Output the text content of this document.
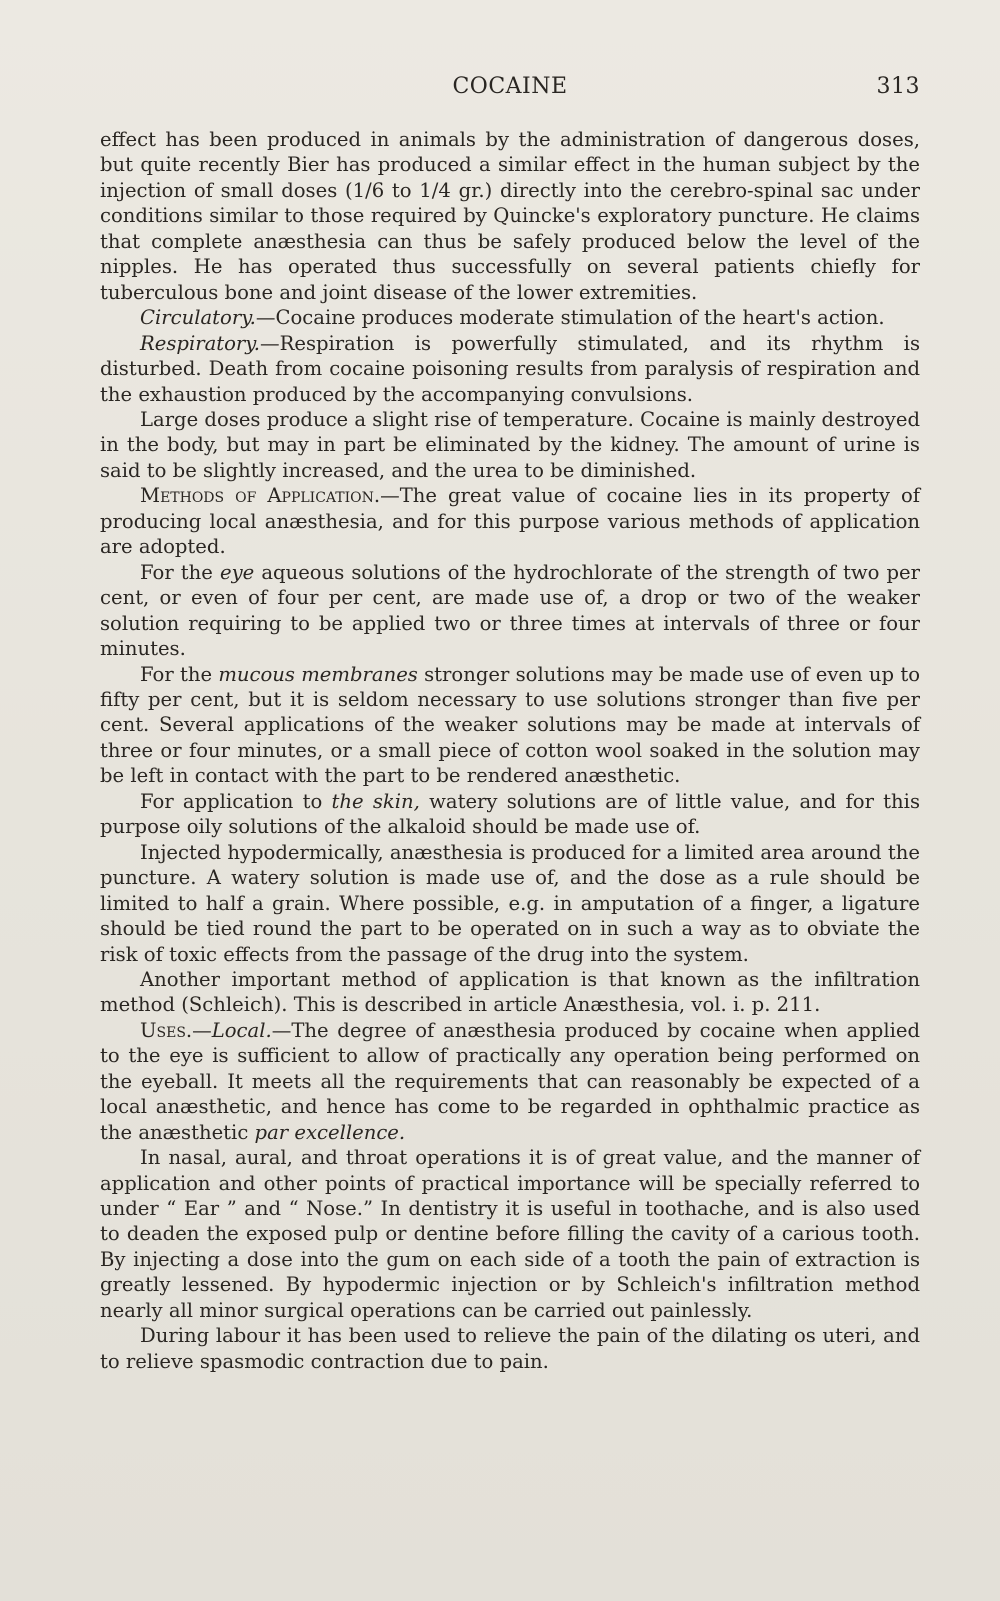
COCAINE	313

effect has been produced in animals by the administration of dangerous doses, but quite recently Bier has produced a similar effect in the human subject by the injection of small doses (1/6 to 1/4 gr.) directly into the cerebro-spinal sac under conditions similar to those required by Quincke's exploratory puncture. He claims that complete anæsthesia can thus be safely produced below the level of the nipples. He has operated thus successfully on several patients chiefly for tuberculous bone and joint disease of the lower extremities.

Circulatory.—Cocaine produces moderate stimulation of the heart's action.

Respiratory.—Respiration is powerfully stimulated, and its rhythm is disturbed. Death from cocaine poisoning results from paralysis of respiration and the exhaustion produced by the accompanying convulsions.

Large doses produce a slight rise of temperature. Cocaine is mainly destroyed in the body, but may in part be eliminated by the kidney. The amount of urine is said to be slightly increased, and the urea to be diminished.

Methods of Application.—The great value of cocaine lies in its property of producing local anæsthesia, and for this purpose various methods of application are adopted.

For the eye aqueous solutions of the hydrochlorate of the strength of two per cent, or even of four per cent, are made use of, a drop or two of the weaker solution requiring to be applied two or three times at intervals of three or four minutes.

For the mucous membranes stronger solutions may be made use of even up to fifty per cent, but it is seldom necessary to use solutions stronger than five per cent. Several applications of the weaker solutions may be made at intervals of three or four minutes, or a small piece of cotton wool soaked in the solution may be left in contact with the part to be rendered anæsthetic.

For application to the skin, watery solutions are of little value, and for this purpose oily solutions of the alkaloid should be made use of.

Injected hypodermically, anæsthesia is produced for a limited area around the puncture. A watery solution is made use of, and the dose as a rule should be limited to half a grain. Where possible, e.g. in amputation of a finger, a ligature should be tied round the part to be operated on in such a way as to obviate the risk of toxic effects from the passage of the drug into the system.

Another important method of application is that known as the infiltration method (Schleich). This is described in article Anæsthesia, vol. i. p. 211.

Uses.—Local.—The degree of anæsthesia produced by cocaine when applied to the eye is sufficient to allow of practically any operation being performed on the eyeball. It meets all the requirements that can reasonably be expected of a local anæsthetic, and hence has come to be regarded in ophthalmic practice as the anæsthetic par excellence.

In nasal, aural, and throat operations it is of great value, and the manner of application and other points of practical importance will be specially referred to under “ Ear ” and “ Nose.” In dentistry it is useful in toothache, and is also used to deaden the exposed pulp or dentine before filling the cavity of a carious tooth. By injecting a dose into the gum on each side of a tooth the pain of extraction is greatly lessened. By hypodermic injection or by Schleich's infiltration method nearly all minor surgical operations can be carried out painlessly.

During labour it has been used to relieve the pain of the dilating os uteri, and to relieve spasmodic contraction due to pain.
